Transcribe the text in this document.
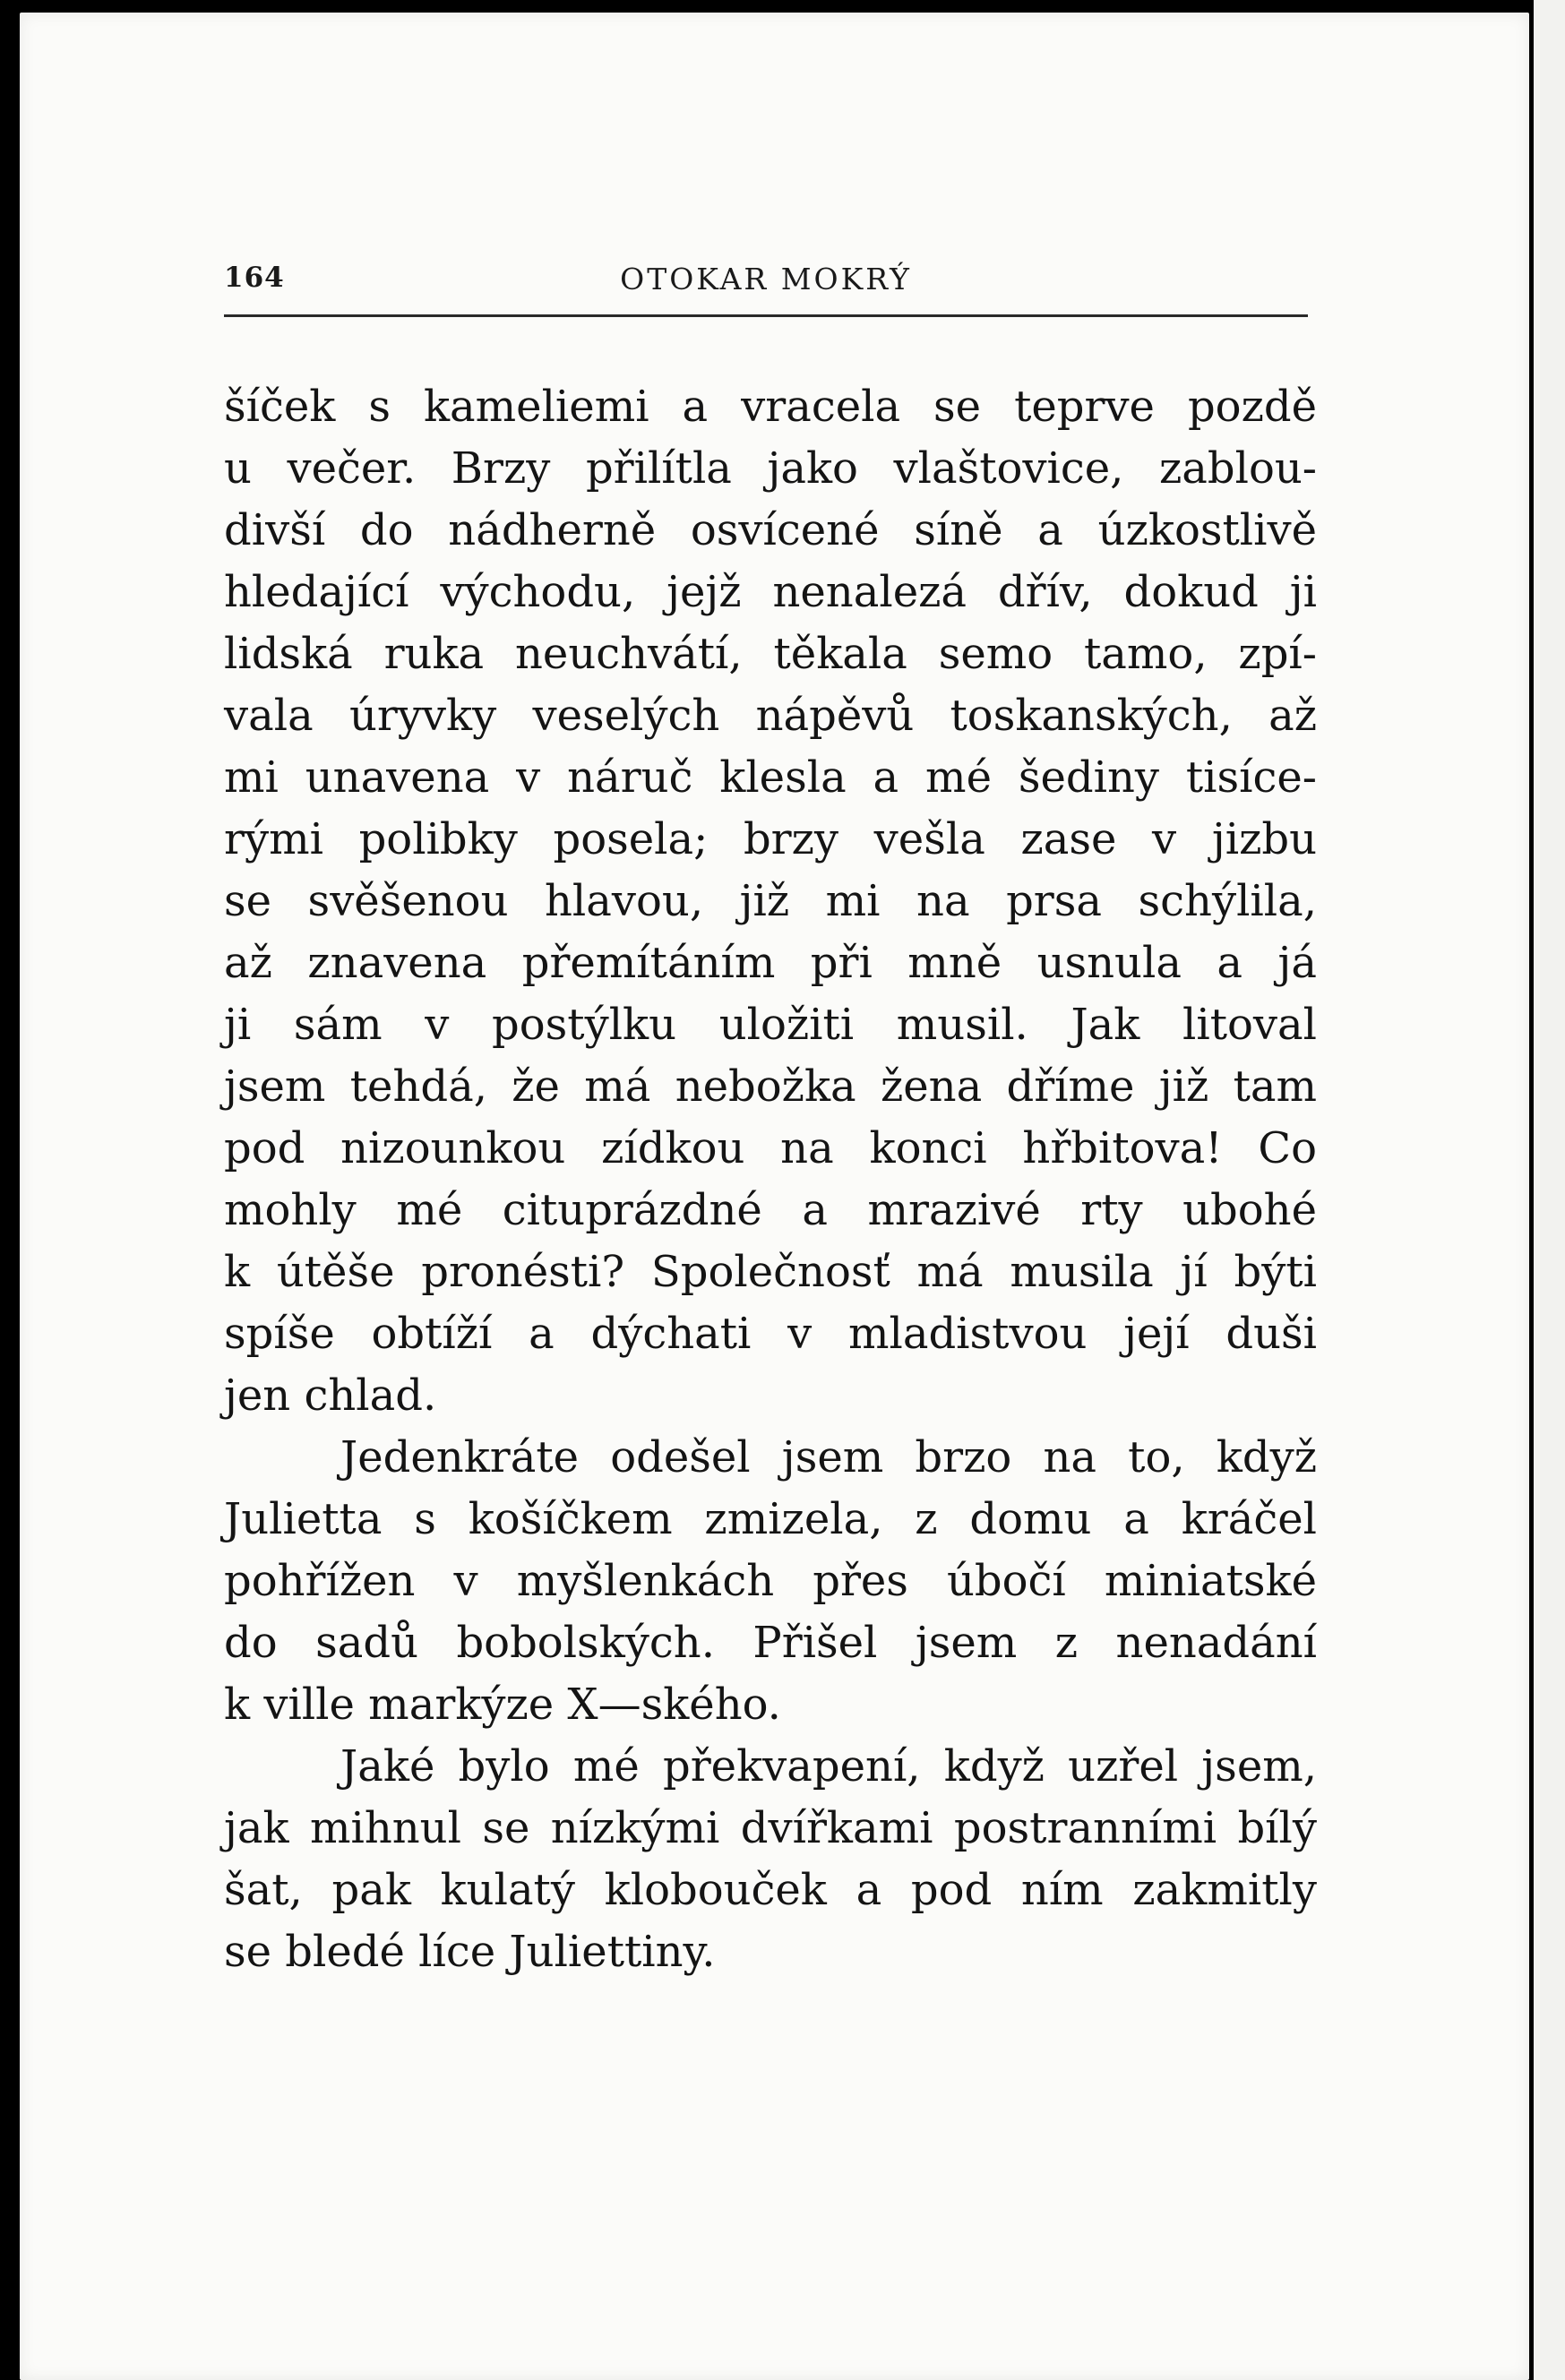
164	OTOKAR MOKRÝ
šíček s kameliemi a vracela se teprve pozdě
u večer. Brzy přilítla jako vlaštovice, zablou-
divší do nádherně osvícené síně a úzkostlivě
hledající východu, jejž nenalezá dřív, dokud ji
lidská ruka neuchvátí, těkala semo tamo, zpí-
vala úryvky veselých nápěvů toskanských, až
mi unavena v náruč klesla a mé šediny tisíce-
rými polibky posela; brzy vešla zase v jizbu
se svěšenou hlavou, již mi na prsa schýlila,
až znavena přemítáním při mně usnula a já
ji sám v postýlku uložiti musil. Jak litoval
jsem tehdá, že má nebožka žena dříme již tam
pod nizounkou zídkou na konci hřbitova! Co
mohly mé cituprázdné a mrazivé rty ubohé
k útěše pronésti? Společnosť má musila jí býti
spíše obtíží a dýchati v mladistvou její duši
jen chlad.
Jedenkráte odešel jsem brzo na to, když
Julietta s košíčkem zmizela, z domu a kráčel
pohřížen v myšlenkách přes úbočí miniatské
do sadů bobolských. Přišel jsem z nenadání
k ville markýze X—ského.
Jaké bylo mé překvapení, když uzřel jsem,
jak mihnul se nízkými dvířkami postranními bílý
šat, pak kulatý klobouček a pod ním zakmitly
se bledé líce Juliettiny.
